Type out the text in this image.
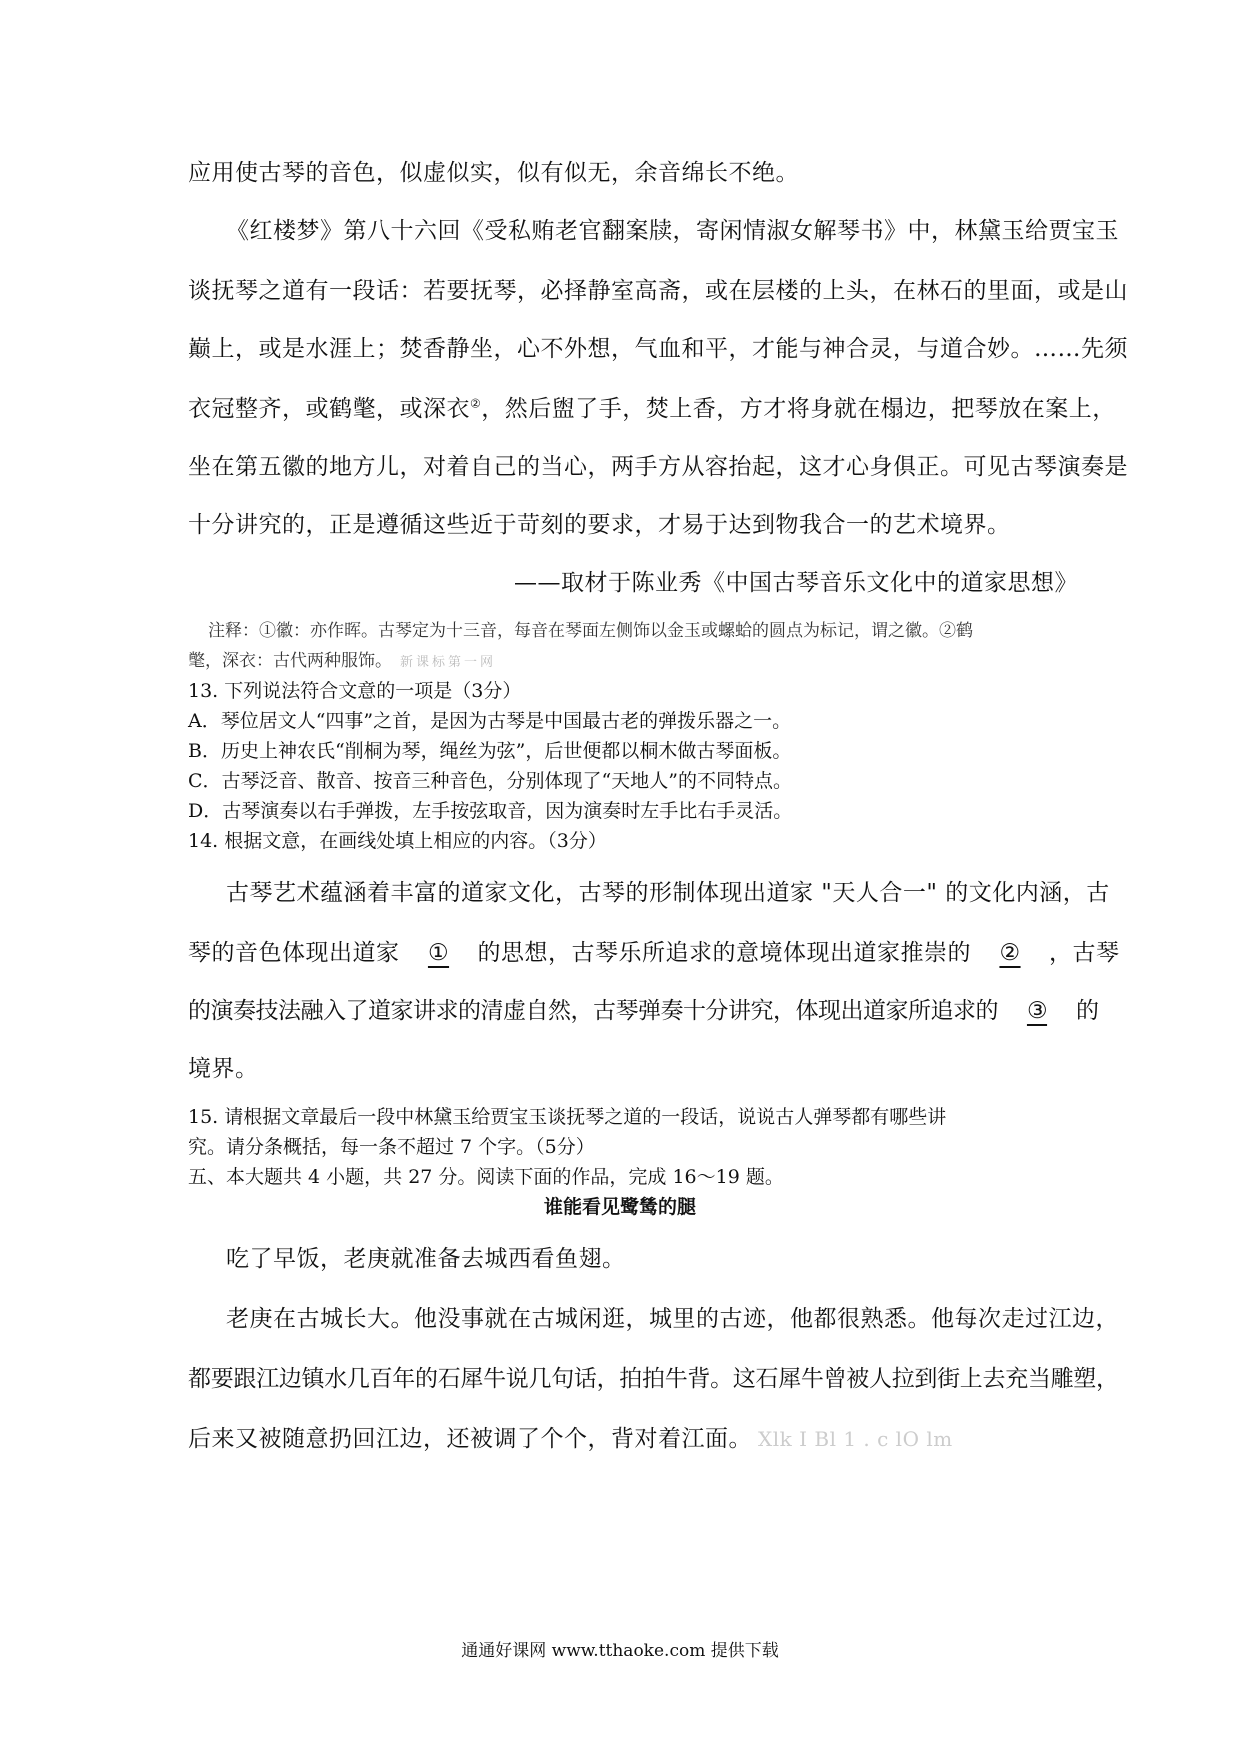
应用使古琴的音色，似虚似实，似有似无，余音绵长不绝。
《红楼梦》第八十六回《受私贿老官翻案牍，寄闲情淑女解琴书》中，林黛玉给贾宝玉
谈抚琴之道有一段话：若要抚琴，必择静室高斋，或在层楼的上头，在林石的里面，或是山
巅上，或是水涯上；焚香静坐，心不外想，气血和平，才能与神合灵，与道合妙。……先须
衣冠整齐，或鹤氅，或深衣②，然后盥了手，焚上香，方才将身就在榻边，把琴放在案上，
坐在第五徽的地方儿，对着自己的当心，两手方从容抬起，这才心身俱正。可见古琴演奏是
十分讲究的，正是遵循这些近于苛刻的要求，才易于达到物我合一的艺术境界。
——取材于陈业秀《中国古琴音乐文化中的道家思想》
注释：①徽：亦作晖。古琴定为十三音，每音在琴面左侧饰以金玉或螺蛤的圆点为标记，谓之徽。②鹤
氅，深衣：古代两种服饰。 新课标第一网
13. 下列说法符合文意的一项是（3分）
A．琴位居文人“四事”之首，是因为古琴是中国最古老的弹拨乐器之一。
B．历史上神农氏“削桐为琴，绳丝为弦”，后世便都以桐木做古琴面板。
C．古琴泛音、散音、按音三种音色，分别体现了“天地人”的不同特点。
D．古琴演奏以右手弹拨，左手按弦取音，因为演奏时左手比右手灵活。
14. 根据文意，在画线处填上相应的内容。（3分）
古琴艺术蕴涵着丰富的道家文化，古琴的形制体现出道家 "天人合一" 的文化内涵，古
琴的音色体现出道家 ① 的思想，古琴乐所追求的意境体现出道家推崇的 ② ，古琴
的演奏技法融入了道家讲求的清虚自然，古琴弹奏十分讲究，体现出道家所追求的 ③ 的
境界。
15. 请根据文章最后一段中林黛玉给贾宝玉谈抚琴之道的一段话，说说古人弹琴都有哪些讲
究。请分条概括，每一条不超过 7 个字。（5分）
五、本大题共 4 小题，共 27 分。阅读下面的作品，完成 16～19 题。
谁能看见鹭鸶的腿
吃了早饭，老庚就准备去城西看鱼翅。
老庚在古城长大。他没事就在古城闲逛，城里的古迹，他都很熟悉。他每次走过江边，
都要跟江边镇水几百年的石犀牛说几句话，拍拍牛背。这石犀牛曾被人拉到街上去充当雕塑，
后来又被随意扔回江边，还被调了个个，背对着江面。 Xlk I Bl 1 . c lO lm
通通好课网 www.tthaoke.com 提供下载
